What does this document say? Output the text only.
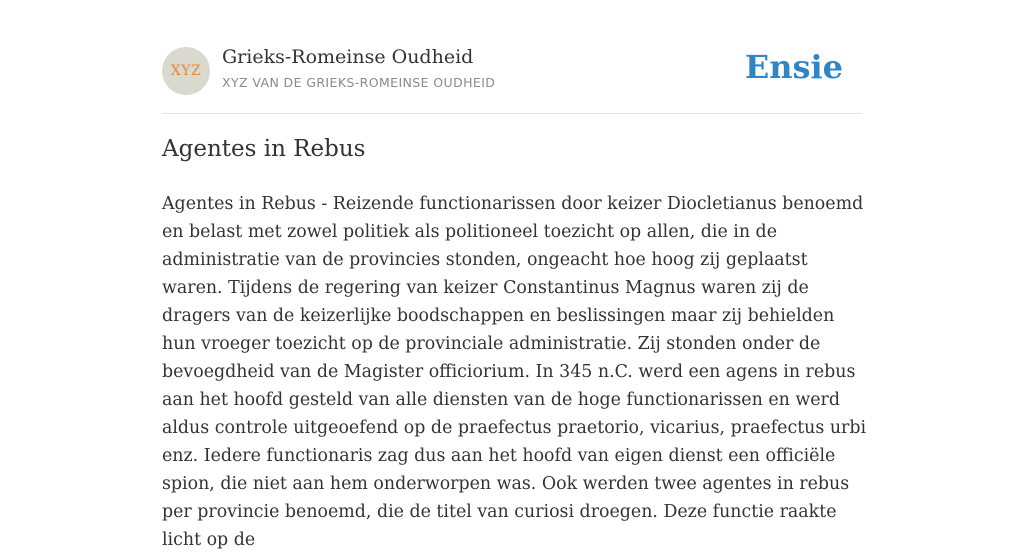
XYZ
Grieks-Romeinse Oudheid
XYZ VAN DE GRIEKS-ROMEINSE OUDHEID	Ensie
Agentes in Rebus

Agentes in Rebus - Reizende functionarissen door keizer Diocletianus benoemd en belast met zowel politiek als politioneel toezicht op allen, die in de administratie van de provincies stonden, ongeacht hoe hoog zij geplaatst waren. Tijdens de regering van keizer Constantinus Magnus waren zij de dragers van de keizerlijke boodschappen en beslissingen maar zij behielden hun vroeger toezicht op de provinciale administratie. Zij stonden onder de bevoegdheid van de Magister officiorium. In 345 n.C. werd een agens in rebus aan het hoofd gesteld van alle diensten van de hoge functionarissen en werd aldus controle uitgeoefend op de praefectus praetorio, vicarius, praefectus urbi enz. Iedere functionaris zag dus aan het hoofd van eigen dienst een officiële spion, die niet aan hem onderworpen was. Ook werden twee agentes in rebus per provincie benoemd, die de titel van curiosi droegen. Deze functie raakte licht op de
